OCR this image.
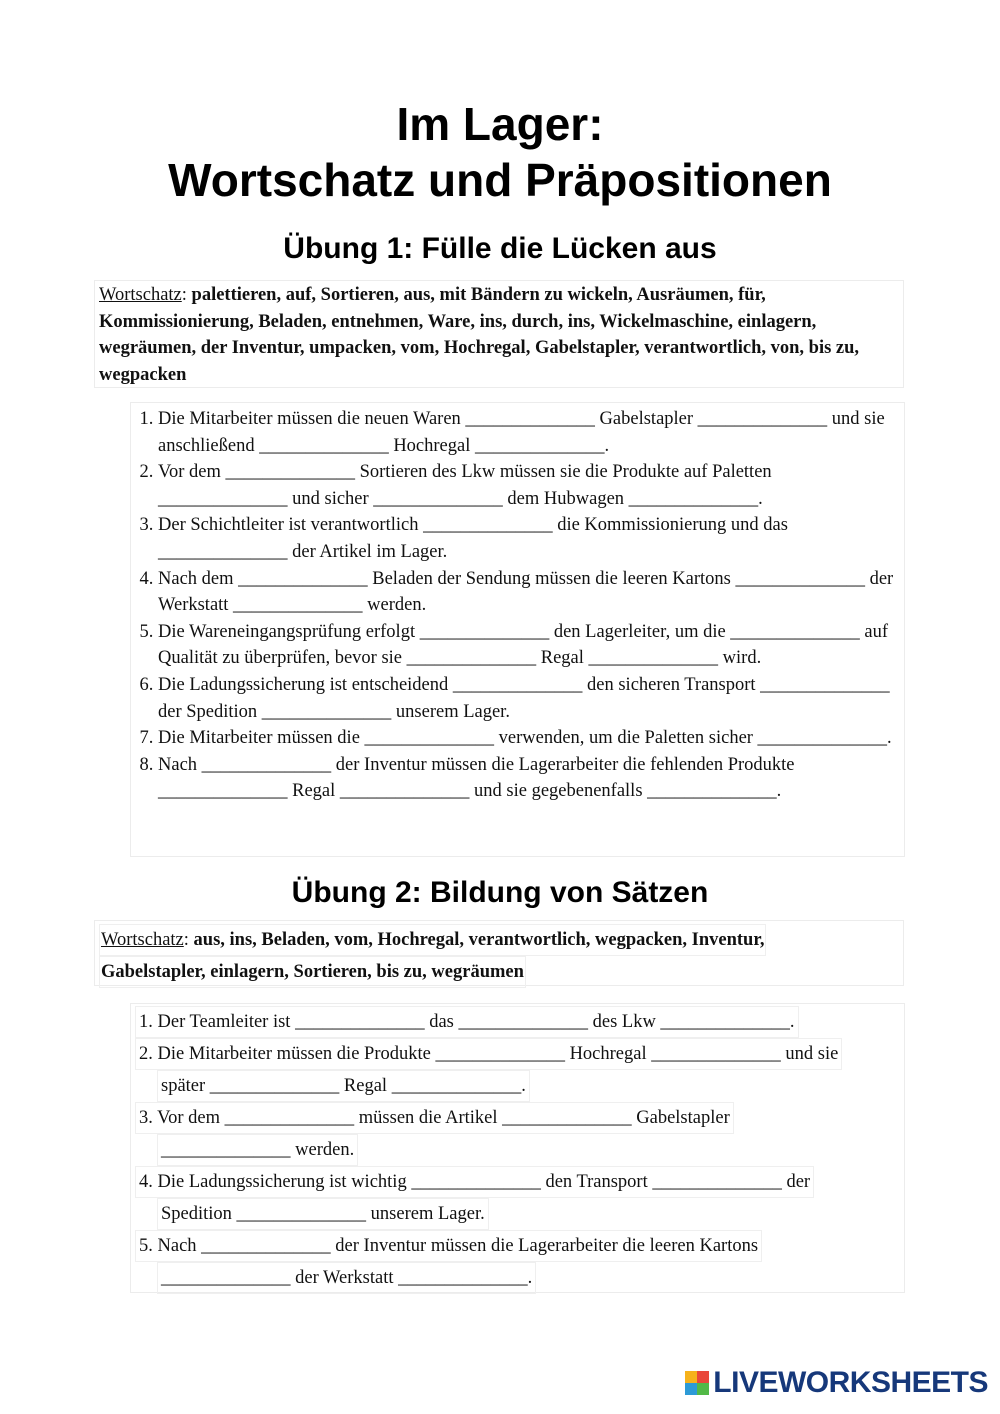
Im Lager:
Wortschatz und Präpositionen
Übung 1: Fülle die Lücken aus
Wortschatz: palettieren, auf, Sortieren, aus, mit Bändern zu wickeln, Ausräumen, für, Kommissionierung, Beladen, entnehmen, Ware, ins, durch, ins, Wickelmaschine, einlagern, wegräumen, der Inventur, umpacken, vom, Hochregal, Gabelstapler, verantwortlich, von, bis zu, wegpacken
1. Die Mitarbeiter müssen die neuen Waren ______________ Gabelstapler ______________ und sie anschließend ______________ Hochregal ______________.
2. Vor dem ______________ Sortieren des Lkw müssen sie die Produkte auf Paletten ______________ und sicher ______________ dem Hubwagen ______________.
3. Der Schichtleiter ist verantwortlich ______________ die Kommissionierung und das ______________ der Artikel im Lager.
4. Nach dem ______________ Beladen der Sendung müssen die leeren Kartons ______________ der Werkstatt ______________ werden.
5. Die Wareneingangsprüfung erfolgt ______________ den Lagerleiter, um die ______________ auf Qualität zu überprüfen, bevor sie ______________ Regal ______________ wird.
6. Die Ladungssicherung ist entscheidend ______________ den sicheren Transport ______________ der Spedition ______________ unserem Lager.
7. Die Mitarbeiter müssen die ______________ verwenden, um die Paletten sicher ______________.
8. Nach ______________ der Inventur müssen die Lagerarbeiter die fehlenden Produkte ______________ Regal ______________ und sie gegebenenfalls ______________.
Übung 2: Bildung von Sätzen
Wortschatz: aus, ins, Beladen, vom, Hochregal, verantwortlich, wegpacken, Inventur,
Gabelstapler, einlagern, Sortieren, bis zu, wegräumen
1. Der Teamleiter ist ______________ das ______________ des Lkw ______________.
2. Die Mitarbeiter müssen die Produkte ______________ Hochregal ______________ und sie
später ______________ Regal ______________.
3. Vor dem ______________ müssen die Artikel ______________ Gabelstapler
______________ werden.
4. Die Ladungssicherung ist wichtig ______________ den Transport ______________ der
Spedition ______________ unserem Lager.
5. Nach ______________ der Inventur müssen die Lagerarbeiter die leeren Kartons
______________ der Werkstatt ______________.
LIVEWORKSHEETS
